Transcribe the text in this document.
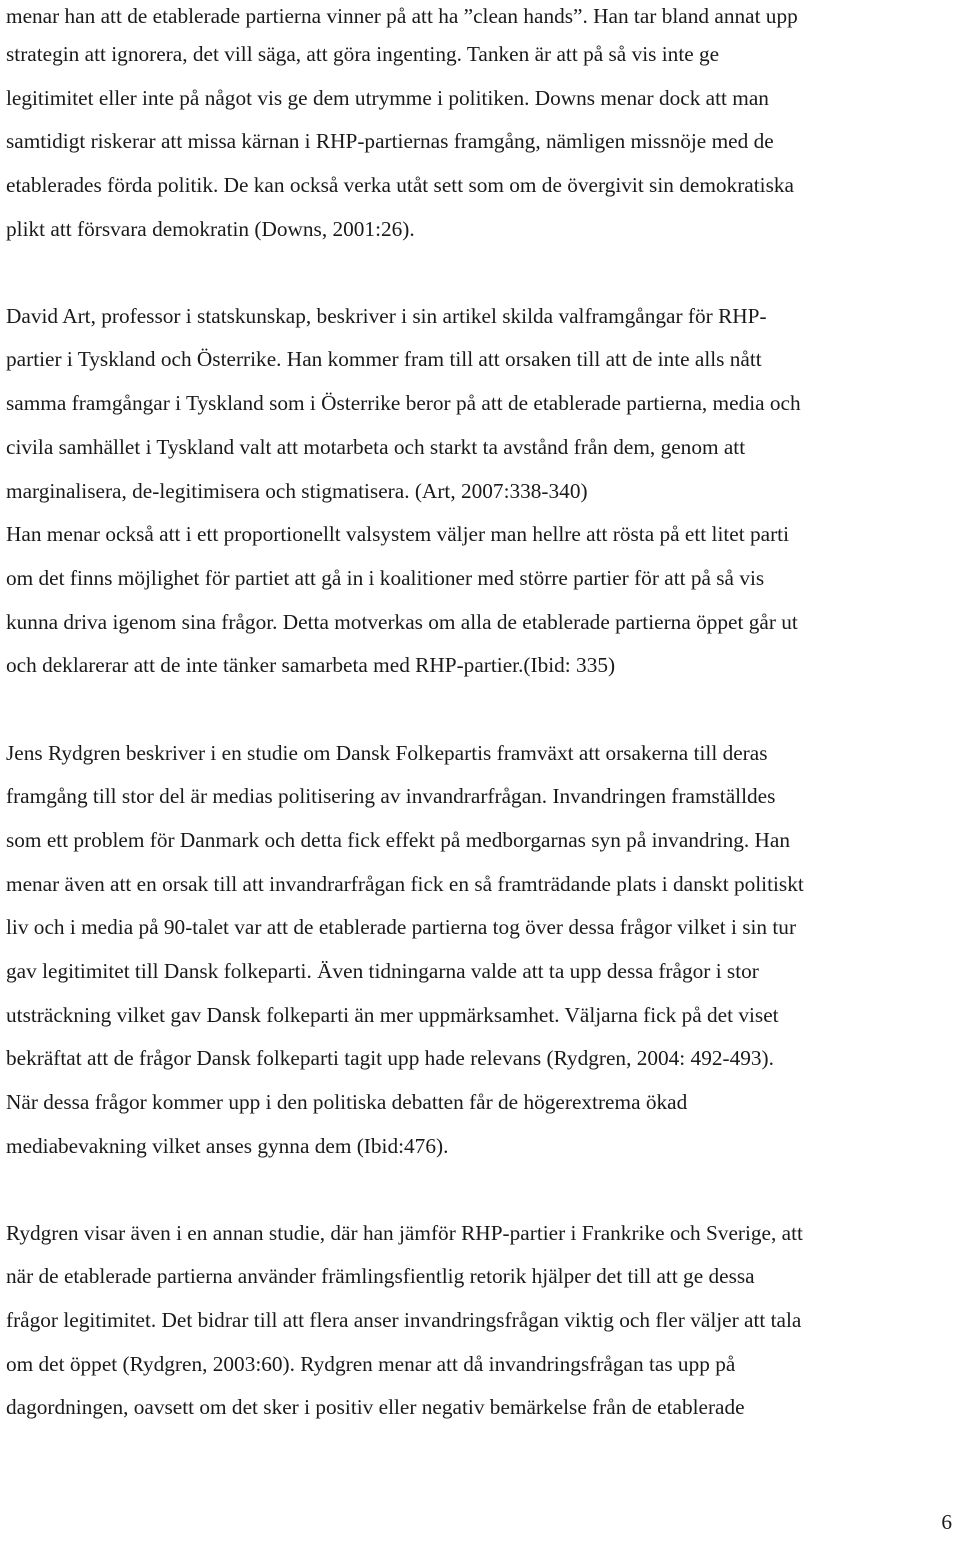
menar han att de etablerade partierna vinner på att ha ”clean hands”. Han tar bland annat upp

strategin att ignorera, det vill säga, att göra ingenting. Tanken är att på så vis inte ge

legitimitet eller inte på något vis ge dem utrymme i politiken. Downs menar dock att man

samtidigt riskerar att missa kärnan i RHP-partiernas framgång, nämligen missnöje med de

etablerades förda politik. De kan också verka utåt sett som om de övergivit sin demokratiska

plikt att försvara demokratin (Downs, 2001:26).

David Art, professor i statskunskap, beskriver i sin artikel skilda valframgångar för RHP-

partier i Tyskland och Österrike. Han kommer fram till att orsaken till att de inte alls nått

samma framgångar i Tyskland som i Österrike beror på att de etablerade partierna, media och

civila samhället i Tyskland valt att motarbeta och starkt ta avstånd från dem, genom att

marginalisera, de-legitimisera och stigmatisera. (Art, 2007:338-340)

Han menar också att i ett proportionellt valsystem väljer man hellre att rösta på ett litet parti

om det finns möjlighet för partiet att gå in i koalitioner med större partier för att på så vis

kunna driva igenom sina frågor. Detta motverkas om alla de etablerade partierna öppet går ut

och deklarerar att de inte tänker samarbeta med RHP-partier.(Ibid: 335)

Jens Rydgren beskriver i en studie om Dansk Folkepartis framväxt att orsakerna till deras

framgång till stor del är medias politisering av invandrarfrågan. Invandringen framställdes

som ett problem för Danmark och detta fick effekt på medborgarnas syn på invandring. Han

menar även att en orsak till att invandrarfrågan fick en så framträdande plats i danskt politiskt

liv och i media på 90-talet var att de etablerade partierna tog över dessa frågor vilket i sin tur

gav legitimitet till Dansk folkeparti. Även tidningarna valde att ta upp dessa frågor i stor

utsträckning vilket gav Dansk folkeparti än mer uppmärksamhet. Väljarna fick på det viset

bekräftat att de frågor Dansk folkeparti tagit upp hade relevans (Rydgren, 2004: 492-493).

När dessa frågor kommer upp i den politiska debatten får de högerextrema ökad

mediabevakning vilket anses gynna dem (Ibid:476).

Rydgren visar även i en annan studie, där han jämför RHP-partier i Frankrike och Sverige, att

när de etablerade partierna använder främlingsfientlig retorik hjälper det till att ge dessa

frågor legitimitet. Det bidrar till att flera anser invandringsfrågan viktig och fler väljer att tala

om det öppet (Rydgren, 2003:60). Rydgren menar att då invandringsfrågan tas upp på

dagordningen, oavsett om det sker i positiv eller negativ bemärkelse från de etablerade

6
